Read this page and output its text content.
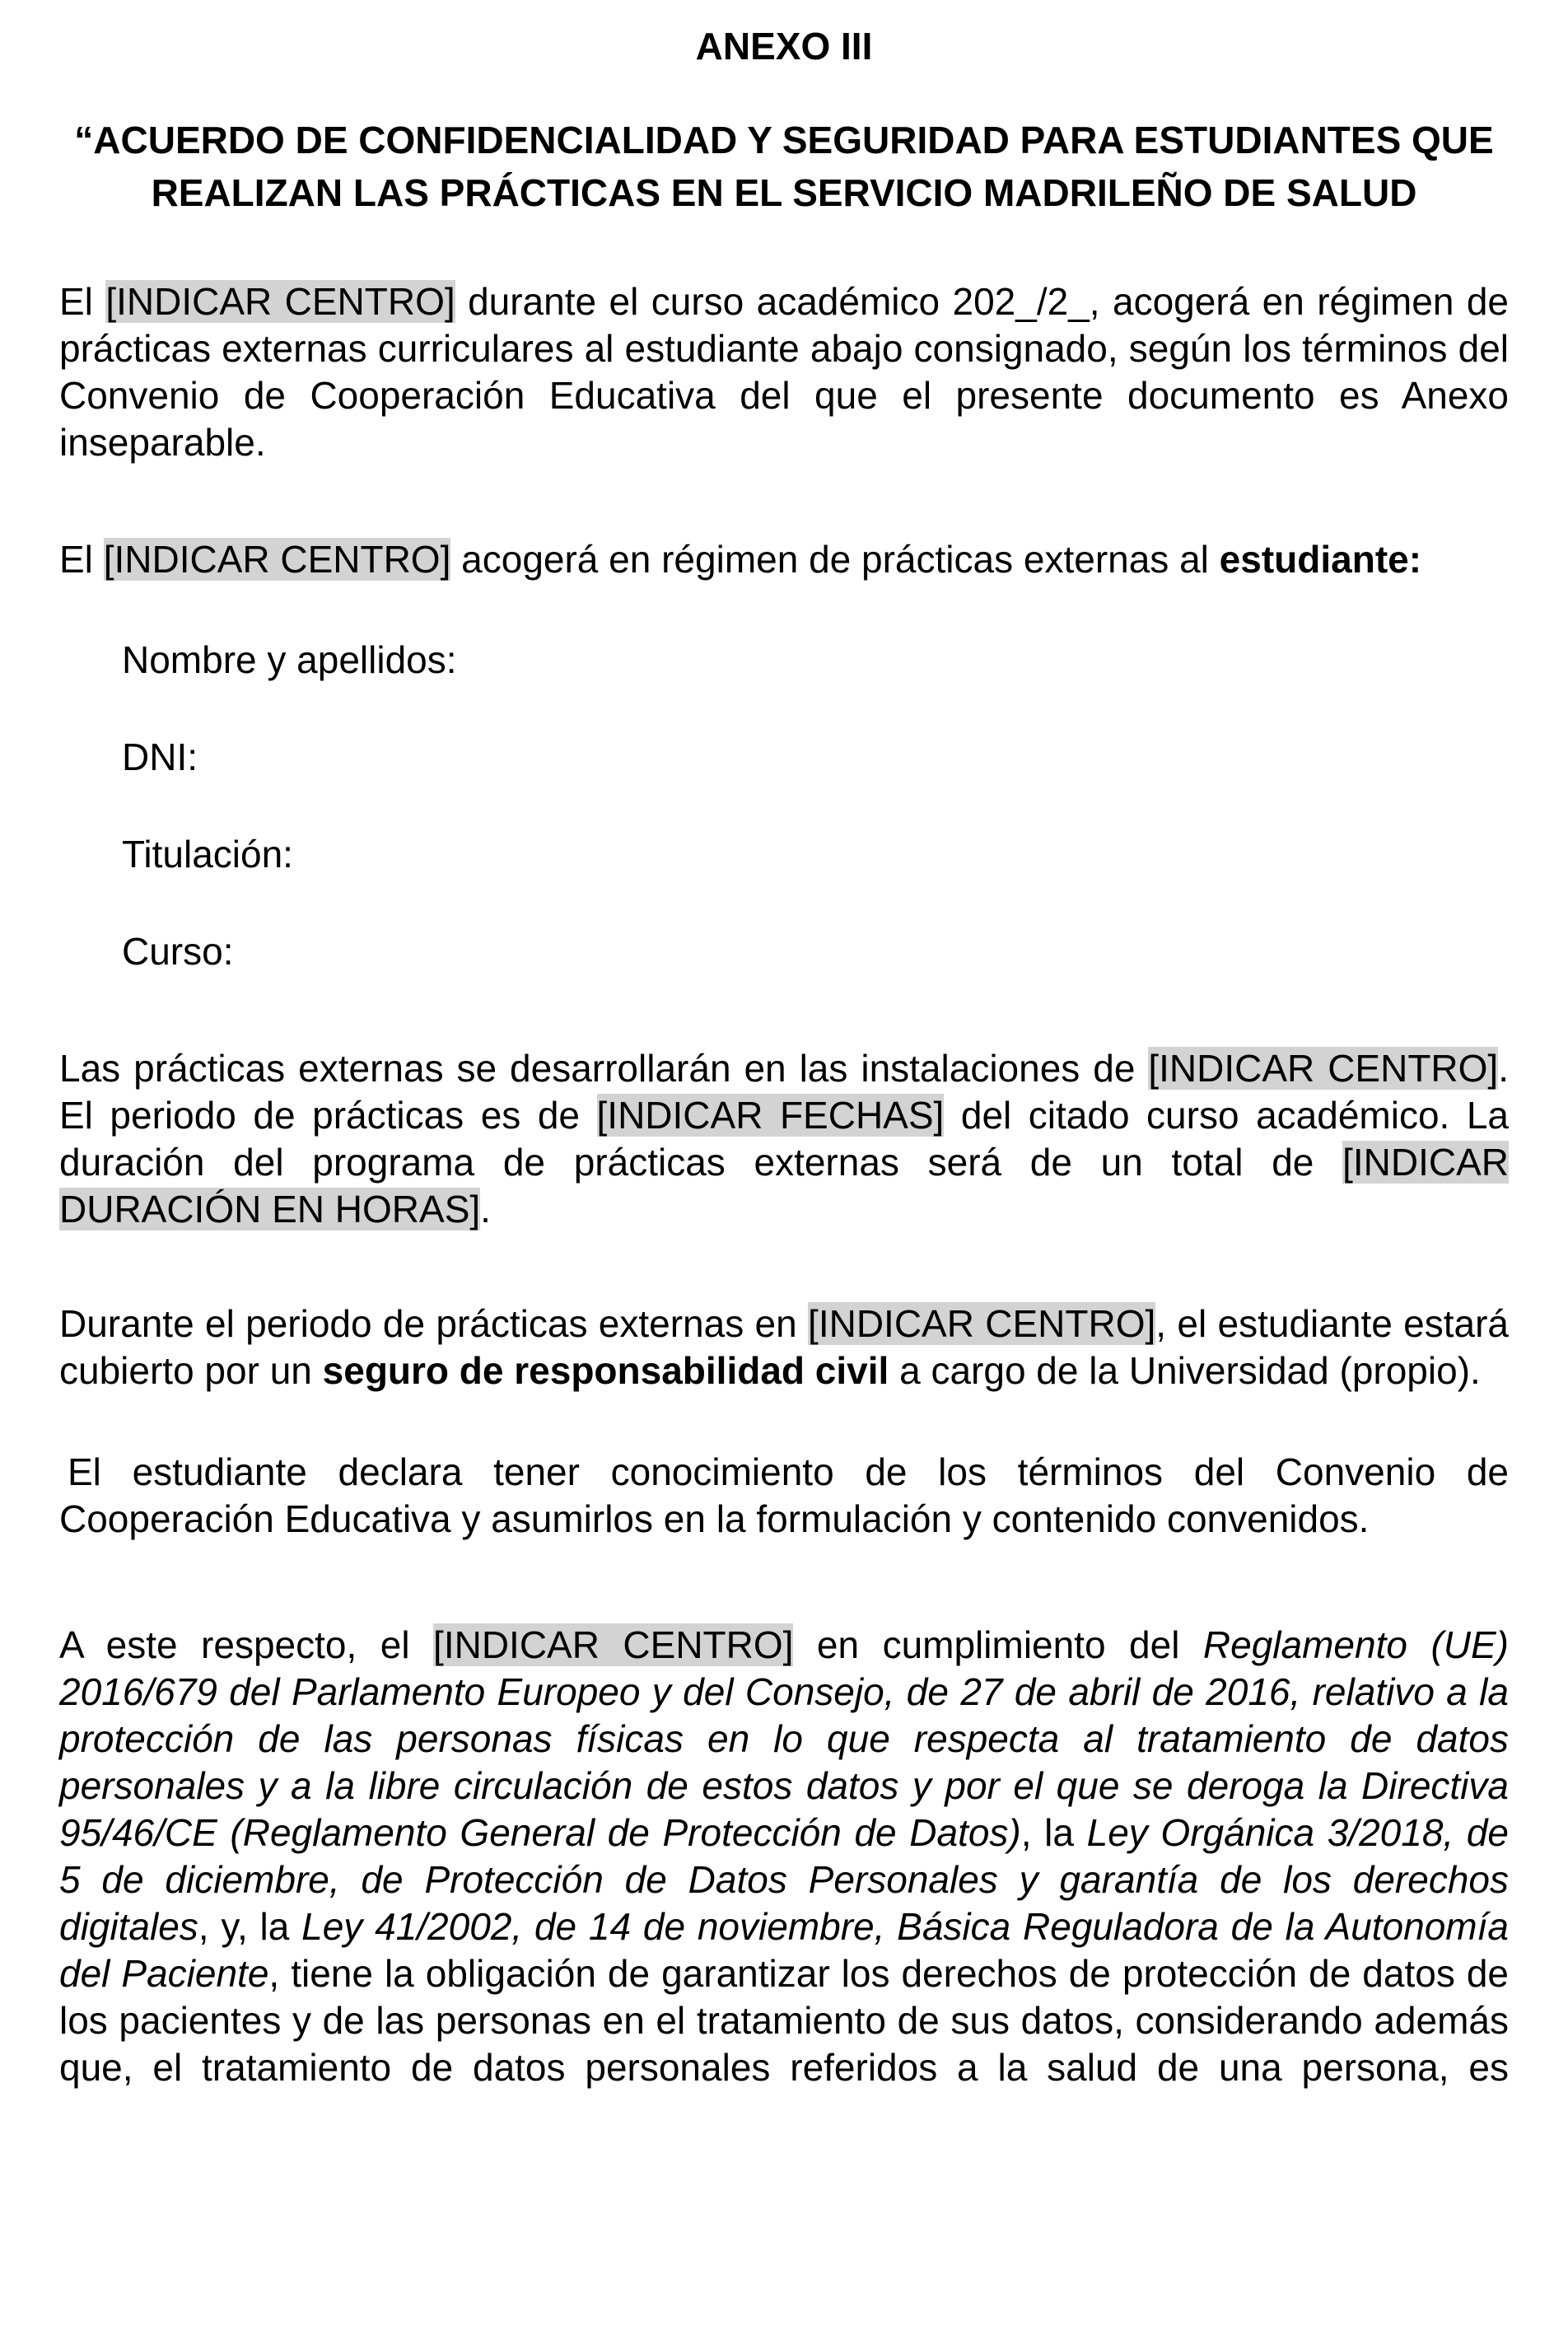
ANEXO III
“ACUERDO DE CONFIDENCIALIDAD Y SEGURIDAD PARA ESTUDIANTES QUE REALIZAN LAS PRÁCTICAS EN EL SERVICIO MADRILEÑO DE SALUD

El [INDICAR CENTRO] durante el curso académico 202_/2_, acogerá en régimen de prácticas externas curriculares al estudiante abajo consignado, según los términos del Convenio de Cooperación Educativa del que el presente documento es Anexo inseparable.

El [INDICAR CENTRO] acogerá en régimen de prácticas externas al estudiante:

Nombre y apellidos:

DNI:

Titulación:

Curso:

Las prácticas externas se desarrollarán en las instalaciones de [INDICAR CENTRO]. El periodo de prácticas es de [INDICAR FECHAS] del citado curso académico. La duración del programa de prácticas externas será de un total de [INDICAR DURACIÓN EN HORAS].

Durante el periodo de prácticas externas en [INDICAR CENTRO], el estudiante estará cubierto por un seguro de responsabilidad civil a cargo de la Universidad (propio).

El estudiante declara tener conocimiento de los términos del Convenio de Cooperación Educativa y asumirlos en la formulación y contenido convenidos.

A este respecto, el [INDICAR CENTRO] en cumplimiento del Reglamento (UE) 2016/679 del Parlamento Europeo y del Consejo, de 27 de abril de 2016, relativo a la protección de las personas físicas en lo que respecta al tratamiento de datos personales y a la libre circulación de estos datos y por el que se deroga la Directiva 95/46/CE (Reglamento General de Protección de Datos), la Ley Orgánica 3/2018, de 5 de diciembre, de Protección de Datos Personales y garantía de los derechos digitales, y, la Ley 41/2002, de 14 de noviembre, Básica Reguladora de la Autonomía del Paciente, tiene la obligación de garantizar los derechos de protección de datos de los pacientes y de las personas en el tratamiento de sus datos, considerando además que, el tratamiento de datos personales referidos a la salud de una persona, es
